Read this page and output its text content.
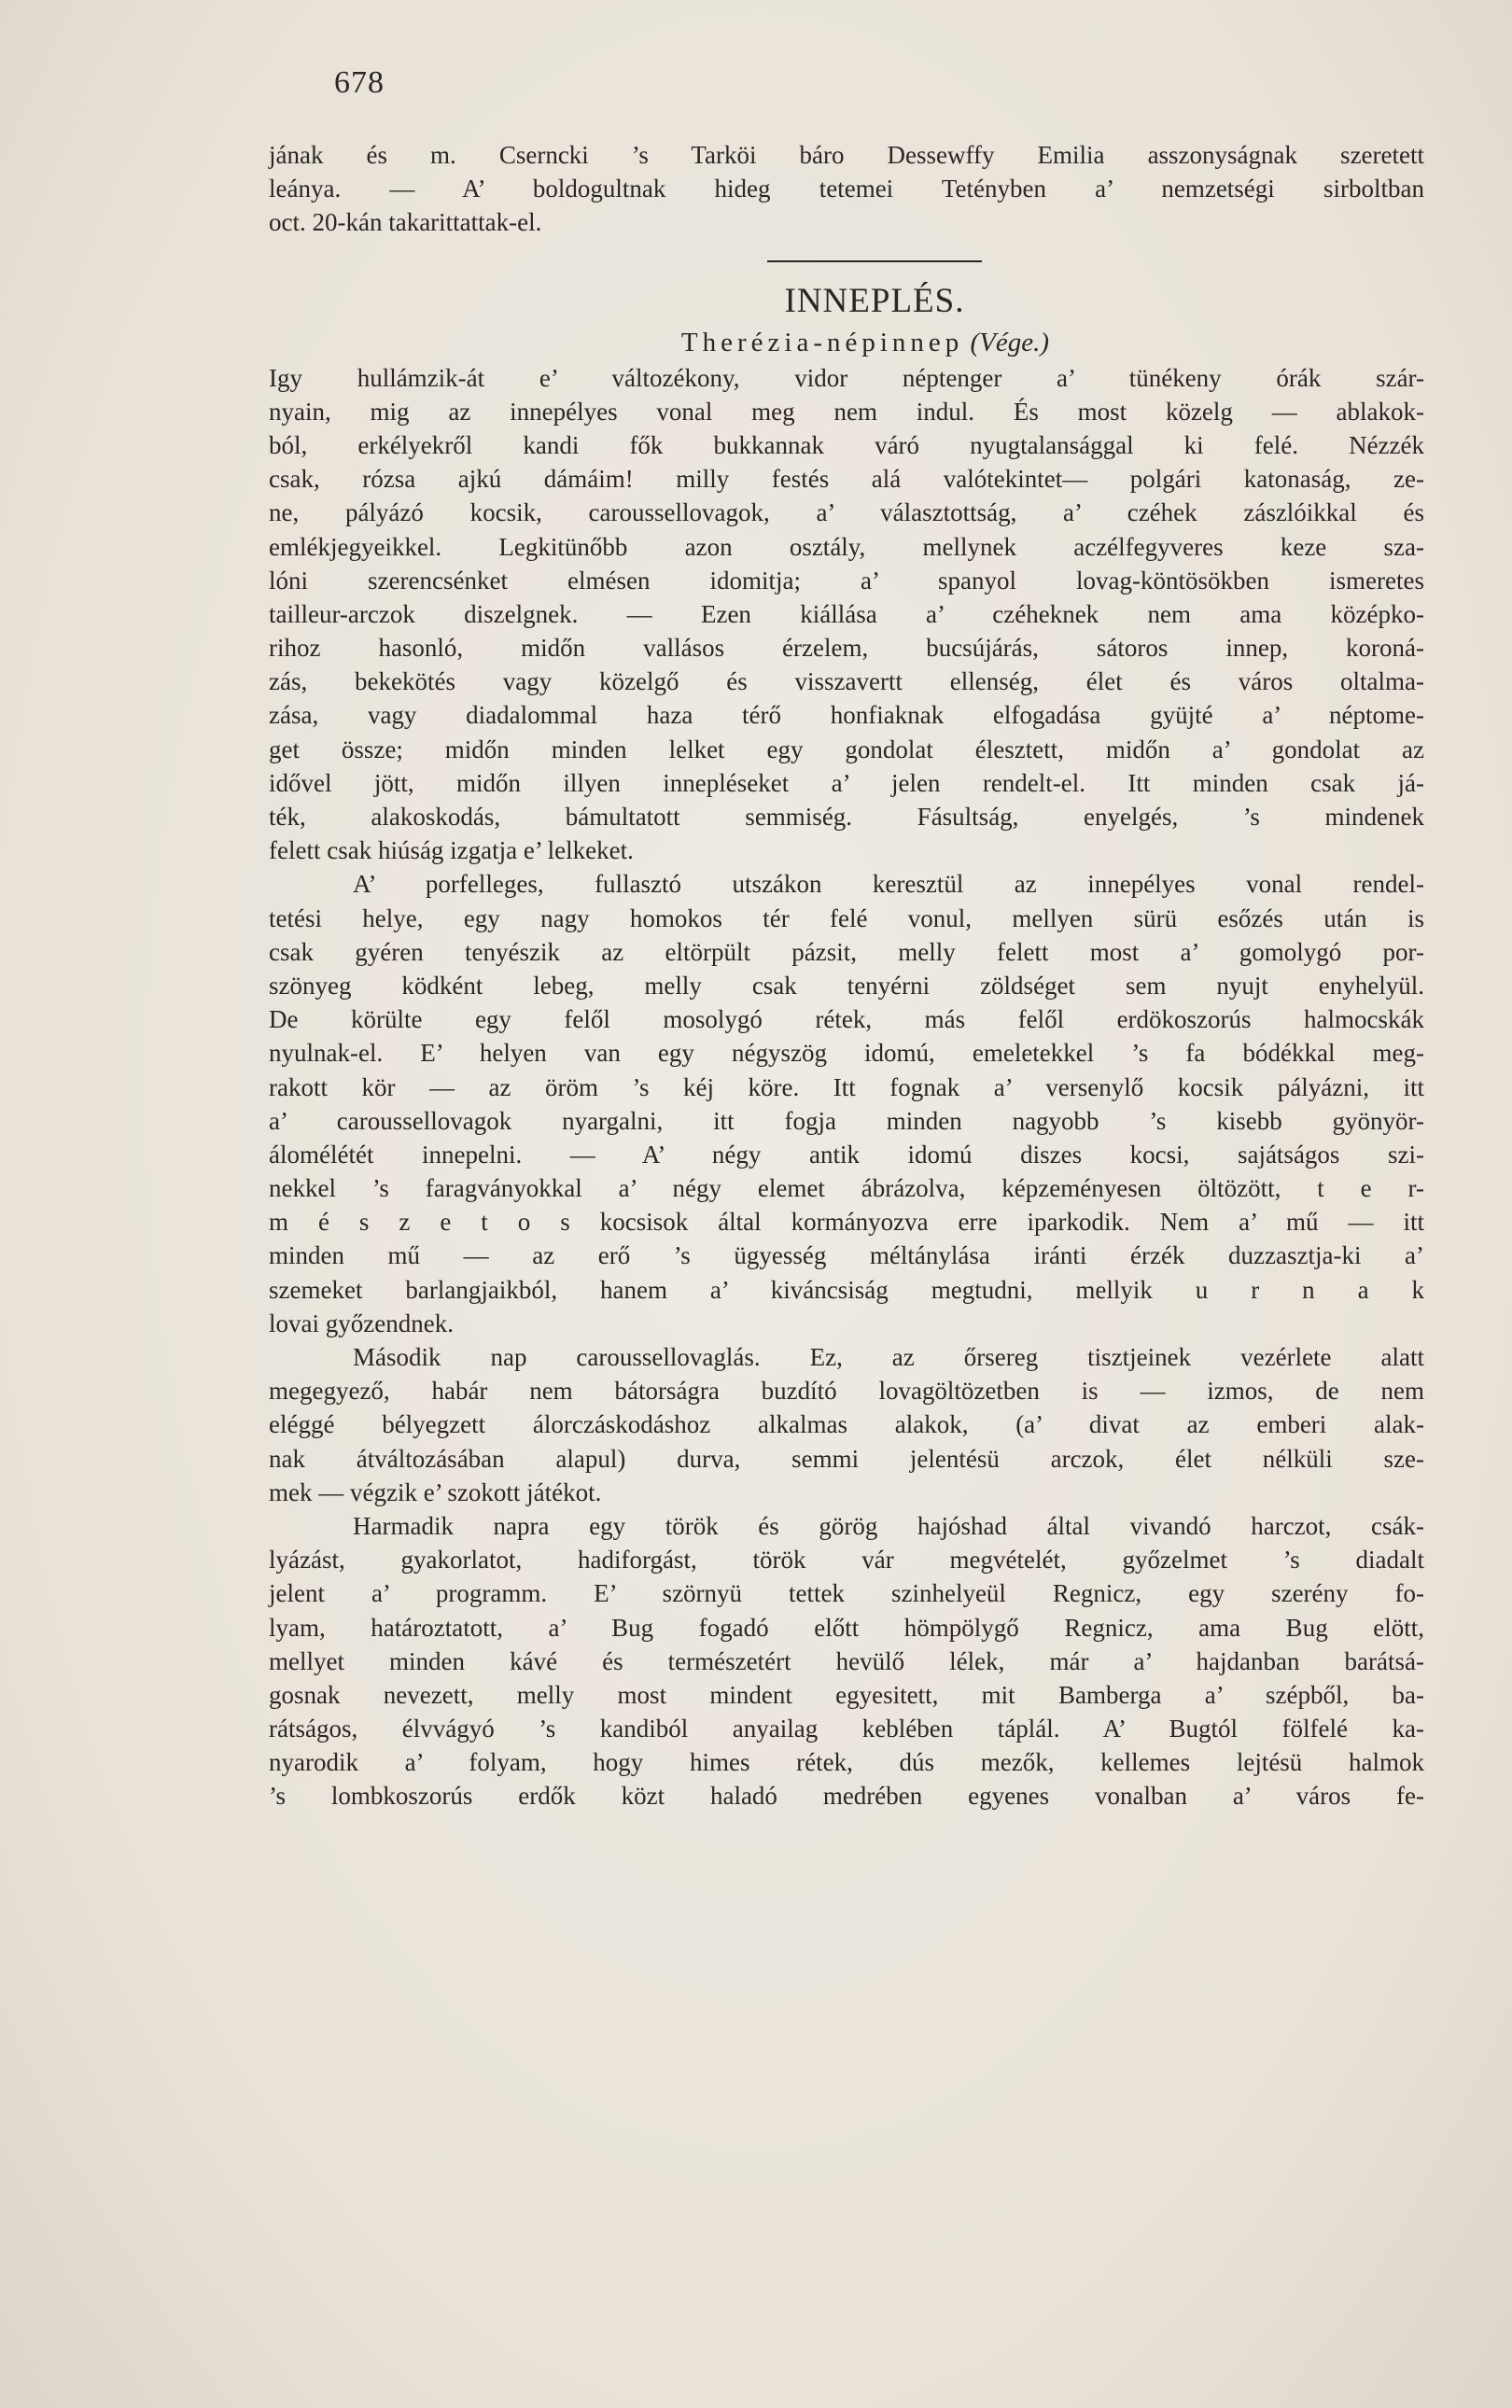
678
jának és m. Cserncki ’s Tarköi báro Dessewffy Emilia asszonyságnak szeretett
leánya. — A’ boldogultnak hideg tetemei Tetényben a’ nemzetségi sirboltban
oct. 20-kán takarittattak-el.
INNEPLÉS.
Therézia-népinnep (Vége.)
Igy hullámzik-át e’ változékony, vidor néptenger a’ tünékeny órák szár-
nyain, mig az innepélyes vonal meg nem indul. És most közelg — ablakok-
ból, erkélyekről kandi fők bukkannak váró nyugtalansággal ki felé. Nézzék
csak, rózsa ajkú dámáim! milly festés alá valótekintet— polgári katonaság, ze-
ne, pályázó kocsik, caroussellovagok, a’ választottság, a’ czéhek zászlóikkal és
emlékjegyeikkel. Legkitünőbb azon osztály, mellynek aczélfegyveres keze sza-
lóni szerencsénket elmésen idomitja; a’ spanyol lovag-köntösökben ismeretes
tailleur-arczok diszelgnek. — Ezen kiállása a’ czéheknek nem ama középko-
rihoz hasonló, midőn vallásos érzelem, bucsújárás, sátoros innep, koroná-
zás, bekekötés vagy közelgő és visszavertt ellenség, élet és város oltalma-
zása, vagy diadalommal haza térő honfiaknak elfogadása gyüjté a’ néptome-
get össze; midőn minden lelket egy gondolat élesztett, midőn a’ gondolat az
idővel jött, midőn illyen innepléseket a’ jelen rendelt-el. Itt minden csak já-
ték, alakoskodás, bámultatott semmiség. Fásultság, enyelgés, ’s mindenek
felett csak hiúság izgatja e’ lelkeket.
A’ porfelleges, fullasztó utszákon keresztül az innepélyes vonal rendel-
tetési helye, egy nagy homokos tér felé vonul, mellyen sürü esőzés után is
csak gyéren tenyészik az eltörpült pázsit, melly felett most a’ gomolygó por-
szönyeg ködként lebeg, melly csak tenyérni zöldséget sem nyujt enyhelyül.
De körülte egy felől mosolygó rétek, más felől erdökoszorús halmocskák
nyulnak-el. E’ helyen van egy négyszög idomú, emeletekkel ’s fa bódékkal meg-
rakott kör — az öröm ’s kéj köre. Itt fognak a’ versenylő kocsik pályázni, itt
a’ caroussellovagok nyargalni, itt fogja minden nagyobb ’s kisebb gyönyör-
álomélétét innepelni. — A’ négy antik idomú diszes kocsi, sajátságos szi-
nekkel ’s faragványokkal a’ négy elemet ábrázolva, képzeményesen öltözött, t e r-
m é s z e t o s kocsisok által kormányozva erre iparkodik. Nem a’ mű — itt
minden mű — az erő ’s ügyesség méltánylása iránti érzék duzzasztja-ki a’
szemeket barlangjaikból, hanem a’ kiváncsiság megtudni, mellyik u r n a k
lovai győzendnek.
Második nap caroussellovaglás. Ez, az őrsereg tisztjeinek vezérlete alatt
megegyező, habár nem bátorságra buzdító lovagöltözetben is — izmos, de nem
eléggé bélyegzett álorczáskodáshoz alkalmas alakok, (a’ divat az emberi alak-
nak átváltozásában alapul) durva, semmi jelentésü arczok, élet nélküli sze-
mek — végzik e’ szokott játékot.
Harmadik napra egy török és görög hajóshad által vivandó harczot, csák-
lyázást, gyakorlatot, hadiforgást, török vár megvételét, győzelmet ’s diadalt
jelent a’ programm. E’ szörnyü tettek szinhelyeül Regnicz, egy szerény fo-
lyam, határoztatott, a’ Bug fogadó előtt hömpölygő Regnicz, ama Bug elött,
mellyet minden kávé és természetért hevülő lélek, már a’ hajdanban barátsá-
gosnak nevezett, melly most mindent egyesitett, mit Bamberga a’ szépből, ba-
rátságos, élvvágyó ’s kandiból anyailag keblében táplál. A’ Bugtól fölfelé ka-
nyarodik a’ folyam, hogy himes rétek, dús mezők, kellemes lejtésü halmok
’s lombkoszorús erdők közt haladó medrében egyenes vonalban a’ város fe-
